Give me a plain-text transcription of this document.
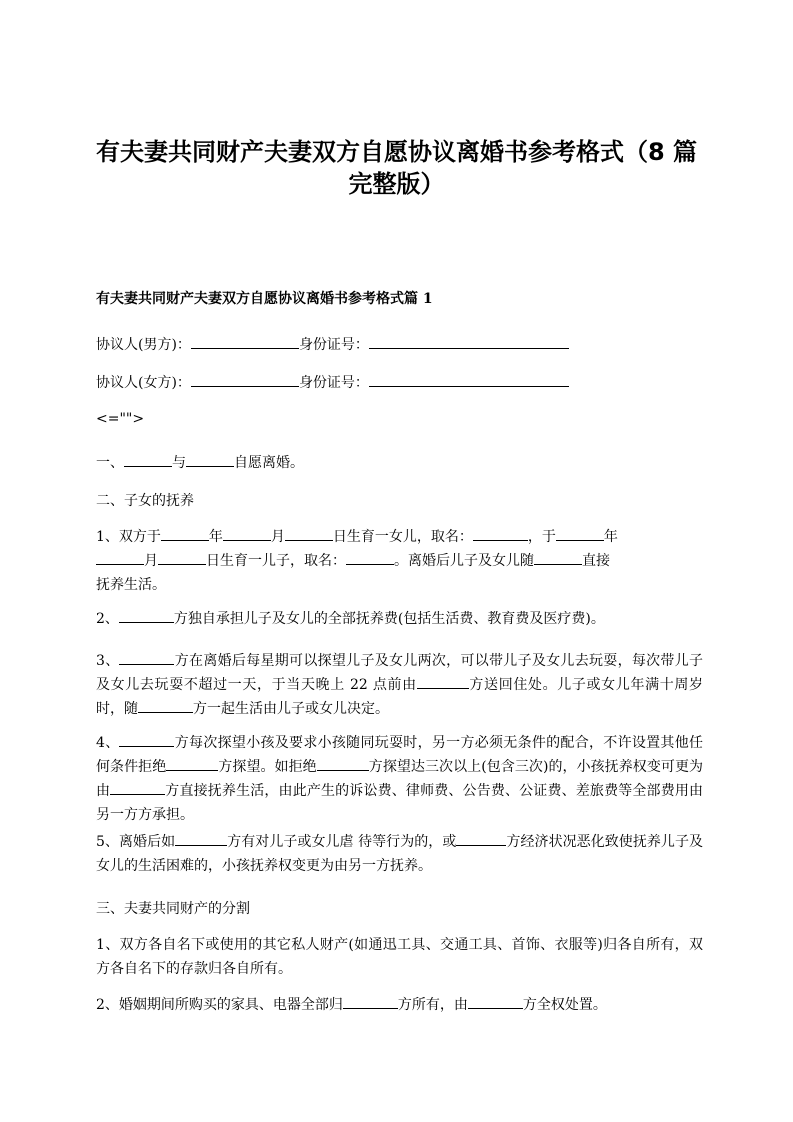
有夫妻共同财产夫妻双方自愿协议离婚书参考格式（8 篇
完整版）
有夫妻共同财产夫妻双方自愿协议离婚书参考格式篇 1
协议人(男方)：	身份证号：
协议人(女方)：	身份证号：
<="">
一、	与	自愿离婚。
二、子女的抚养
1、双方于	年	月	日生育一女儿，取名：	，于	年
月	日生育一儿子，取名：	。离婚后儿子及女儿随	直接
抚养生活。
2、	方独自承担儿子及女儿的全部抚养费(包括生活费、教育费及医疗费)。
3、	方在离婚后每星期可以探望儿子及女儿两次，可以带儿子及女儿去玩耍，每次带儿子及女儿去玩耍不超过一天，于当天晚上 22 点前由	方送回住处。儿子或女儿年满十周岁时，随	方一起生活由儿子或女儿决定。
4、	方每次探望小孩及要求小孩随同玩耍时，另一方必须无条件的配合，不许设置其他任何条件拒绝	方探望。如拒绝	方探望达三次以上(包含三次)的，小孩抚养权变可更为由	方直接抚养生活，由此产生的诉讼费、律师费、公告费、公证费、差旅费等全部费用由另一方方承担。
5、离婚后如	方有对儿子或女儿虐 待等行为的，或	方经济状况恶化致使抚养儿子及女儿的生活困难的，小孩抚养权变更为由另一方抚养。
三、夫妻共同财产的分割
1、双方各自名下或使用的其它私人财产(如通迅工具、交通工具、首饰、衣服等)归各自所有，双方各自名下的存款归各自所有。
2、婚姻期间所购买的家具、电器全部归	方所有，由	方全权处置。
